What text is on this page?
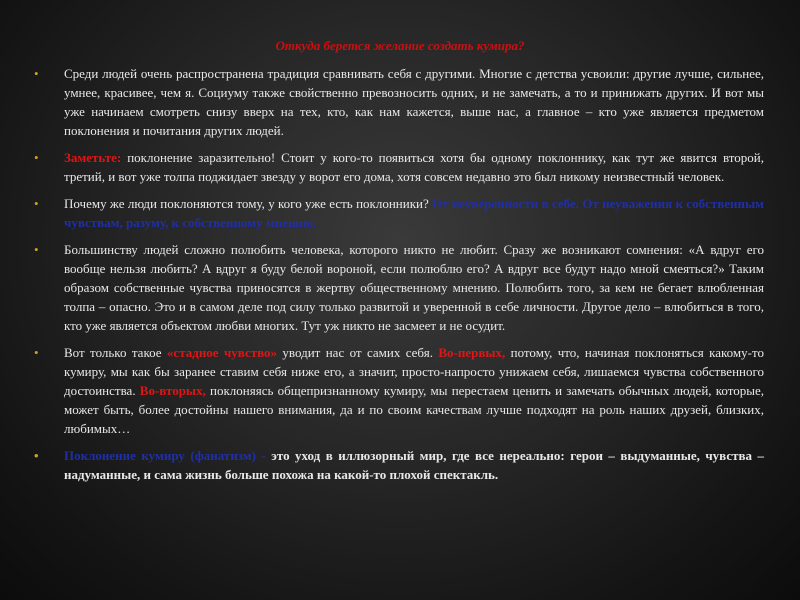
Откуда берется желание создать кумира?
• Среди людей очень распространена традиция сравнивать себя с другими. Многие с детства усвоили: другие лучше, сильнее, умнее, красивее, чем я. Социуму также свойственно превозносить одних, и не замечать, а то и принижать других. И вот мы уже начинаем смотреть снизу вверх на тех, кто, как нам кажется, выше нас, а главное – кто уже является предметом поклонения и почитания других людей.
• Заметьте: поклонение заразительно! Стоит у кого-то появиться хотя бы одному поклоннику, как тут же явится второй, третий, и вот уже толпа поджидает звезду у ворот его дома, хотя совсем недавно это был никому неизвестный человек.
• Почему же люди поклоняются тому, у кого уже есть поклонники? От неуверенности в себе. От неуважения к собственным чувствам, разуму, к собственному мнению.
• Большинству людей сложно полюбить человека, которого никто не любит. Сразу же возникают сомнения: «А вдруг его вообще нельзя любить? А вдруг я буду белой вороной, если полюблю его? А вдруг все будут надо мной смеяться?» Таким образом собственные чувства приносятся в жертву общественному мнению. Полюбить того, за кем не бегает влюбленная толпа – опасно. Это и в самом деле под силу только развитой и уверенной в себе личности. Другое дело – влюбиться в того, кто уже является объектом любви многих. Тут уж никто не засмеет и не осудит.
• Вот только такое «стадное чувство» уводит нас от самих себя. Во-первых, потому, что, начиная поклоняться какому-то кумиру, мы как бы заранее ставим себя ниже его, а значит, просто-напросто унижаем себя, лишаемся чувства собственного достоинства. Во-вторых, поклоняясь общепризнанному кумиру, мы перестаем ценить и замечать обычных людей, которые, может быть, более достойны нашего внимания, да и по своим качествам лучше подходят на роль наших друзей, близких, любимых…
• Поклонение кумиру (фанатизм) - это уход в иллюзорный мир, где все нереально: герои – выдуманные, чувства – надуманные, и сама жизнь больше похожа на какой-то плохой спектакль.
